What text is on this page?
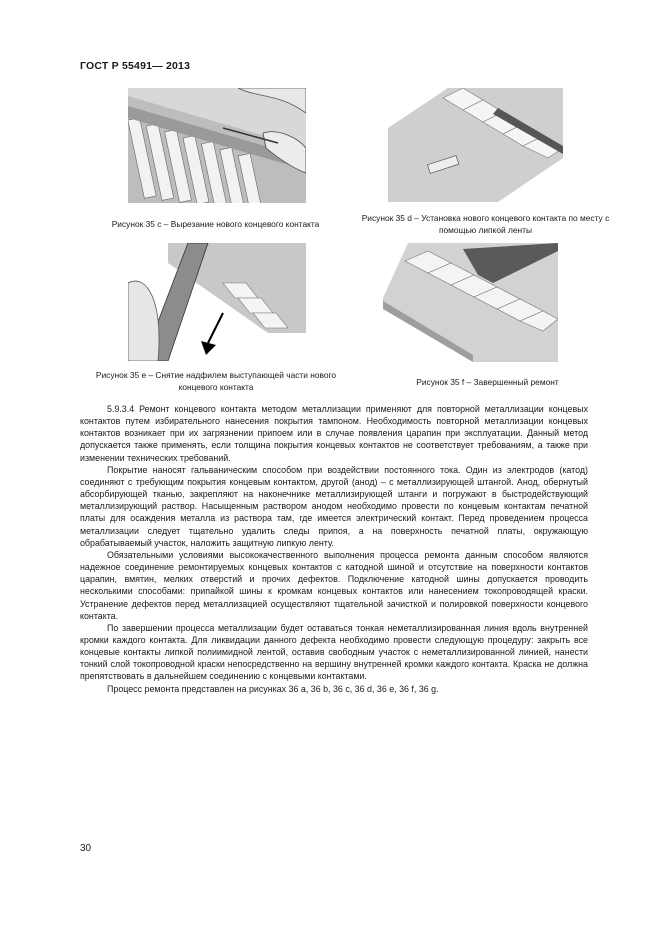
ГОСТ Р 55491— 2013
Рисунок 35 с – Вырезание нового концевого контакта
Рисунок 35 d – Установка нового концевого контакта по месту с помощью липкой ленты
Рисунок 35 е – Снятие надфилем выступающей части нового концевого контакта	Рисунок 35 f – Завершенный ремонт

5.9.3.4 Ремонт концевого контакта методом металлизации применяют для повторной металлизации концевых контактов путем избирательного нанесения покрытия тампоном. Необходимость повторной металлизации концевых контактов возникает при их загрязнении припоем или в случае появления царапин при эксплуатации. Данный метод допускается также применять, если толщина покрытия концевых контактов не соответствует требованиям, а также при изменении технических требований.

Покрытие наносят гальваническим способом при воздействии постоянного тока. Один из электродов (катод) соединяют с требующим покрытия концевым контактом, другой (анод) – с металлизирующей штангой. Анод, обернутый абсорбирующей тканью, закрепляют на наконечнике металлизирующей штанги и погружают в быстродействующий металлизирующий раствор. Насыщенным раствором анодом необходимо провести по концевым контактам печатной платы для осаждения металла из раствора там, где имеется электрический контакт. Перед проведением процесса металлизации следует тщательно удалить следы припоя, а на поверхность печатной платы, окружающую обрабатываемый участок, наложить защитную липкую ленту.

Обязательными условиями высококачественного выполнения процесса ремонта данным способом являются надежное соединение ремонтируемых концевых контактов с катодной шиной и отсутствие на поверхности контактов царапин, вмятин, мелких отверстий и прочих дефектов. Подключение катодной шины допускается проводить несколькими способами: припайкой шины к кромкам концевых контактов или нанесением токопроводящей краски. Устранение дефектов перед металлизацией осуществляют тщательной зачисткой и полировкой поверхности концевого контакта.

По завершении процесса металлизации будет оставаться тонкая неметаллизированная линия вдоль внутренней кромки каждого контакта. Для ликвидации данного дефекта необходимо провести следующую процедуру: закрыть все концевые контакты липкой полиимидной лентой, оставив свободным участок с неметаллизированной линией, нанести тонкий слой токопроводной краски непосредственно на вершину внутренней кромки каждого контакта. Краска не должна препятствовать в дальнейшем соединению с концевыми контактами.

Процесс ремонта представлен на рисунках 36 а, 36 b, 36 с, 36 d, 36 е, 36 f, 36 g.

30
